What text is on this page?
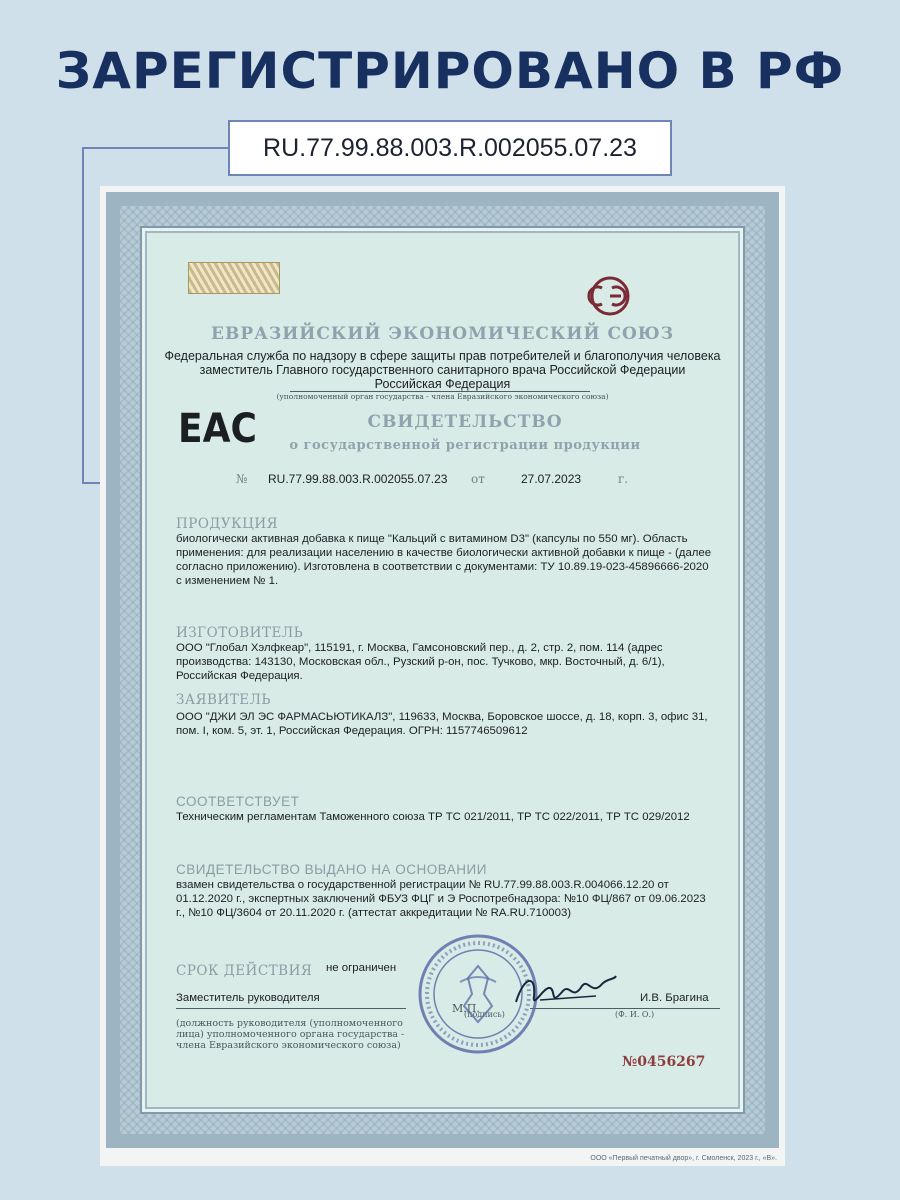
ЗАРЕГИСТРИРОВАНО В РФ
RU.77.99.88.003.R.002055.07.23
ЕВРАЗИЙСКИЙ ЭКОНОМИЧЕСКИЙ СОЮЗ
Федеральная служба по надзору в сфере защиты прав потребителей и благополучия человека
заместитель Главного государственного санитарного врача Российской Федерации
Российская Федерация
(уполномоченный орган государства - члена Евразийского экономического союза)
EAC	СВИДЕТЕЛЬСТВО
о государственной регистрации продукции
№ RU.77.99.88.003.R.002055.07.23 от	27.07.2023	г.
ПРОДУКЦИЯ
биологически активная добавка к пище "Кальций с витамином D3" (капсулы по 550 мг). Область применения: для реализации населению в качестве биологически активной добавки к пище - (далее согласно приложению). Изготовлена в соответствии с документами: ТУ 10.89.19-023-45896666-2020 с изменением № 1.
ИЗГОТОВИТЕЛЬ
ООО "Глобал Хэлфкеар", 115191, г. Москва, Гамсоновский пер., д. 2, стр. 2, пом. 114 (адрес производства: 143130, Московская обл., Рузский р-он, пос. Тучково, мкр. Восточный, д. 6/1), Российская Федерация.
ЗАЯВИТЕЛЬ
ООО "ДЖИ ЭЛ ЭС ФАРМАСЬЮТИКАЛЗ", 119633, Москва, Боровское шоссе, д. 18, корп. 3, офис 31, пом. I, ком. 5, эт. 1, Российская Федерация. ОГРН: 1157746509612
СООТВЕТСТВУЕТ
Техническим регламентам Таможенного союза ТР ТС 021/2011, ТР ТС 022/2011, ТР ТС 029/2012
СВИДЕТЕЛЬСТВО ВЫДАНО НА ОСНОВАНИИ
взамен свидетельства о государственной регистрации № RU.77.99.88.003.R.004066.12.20 от 01.12.2020 г., экспертных заключений ФБУЗ ФЦГ и Э Роспотребнадзора: №10 ФЦ/867 от 09.06.2023 г., №10 ФЦ/3604 от 20.11.2020 г. (аттестат аккредитации № RA.RU.710003)
СРОК ДЕЙСТВИЯ не ограничен
Заместитель руководителя	И.В. Брагина
М.П.
(подпись)	(Ф. И. О.)
(должность руководителя (уполномоченного лица) уполномоченного органа государства - члена Евразийского экономического союза)
№0456267
ООО «Первый печатный двор», г. Смоленск, 2023 г., «В».
